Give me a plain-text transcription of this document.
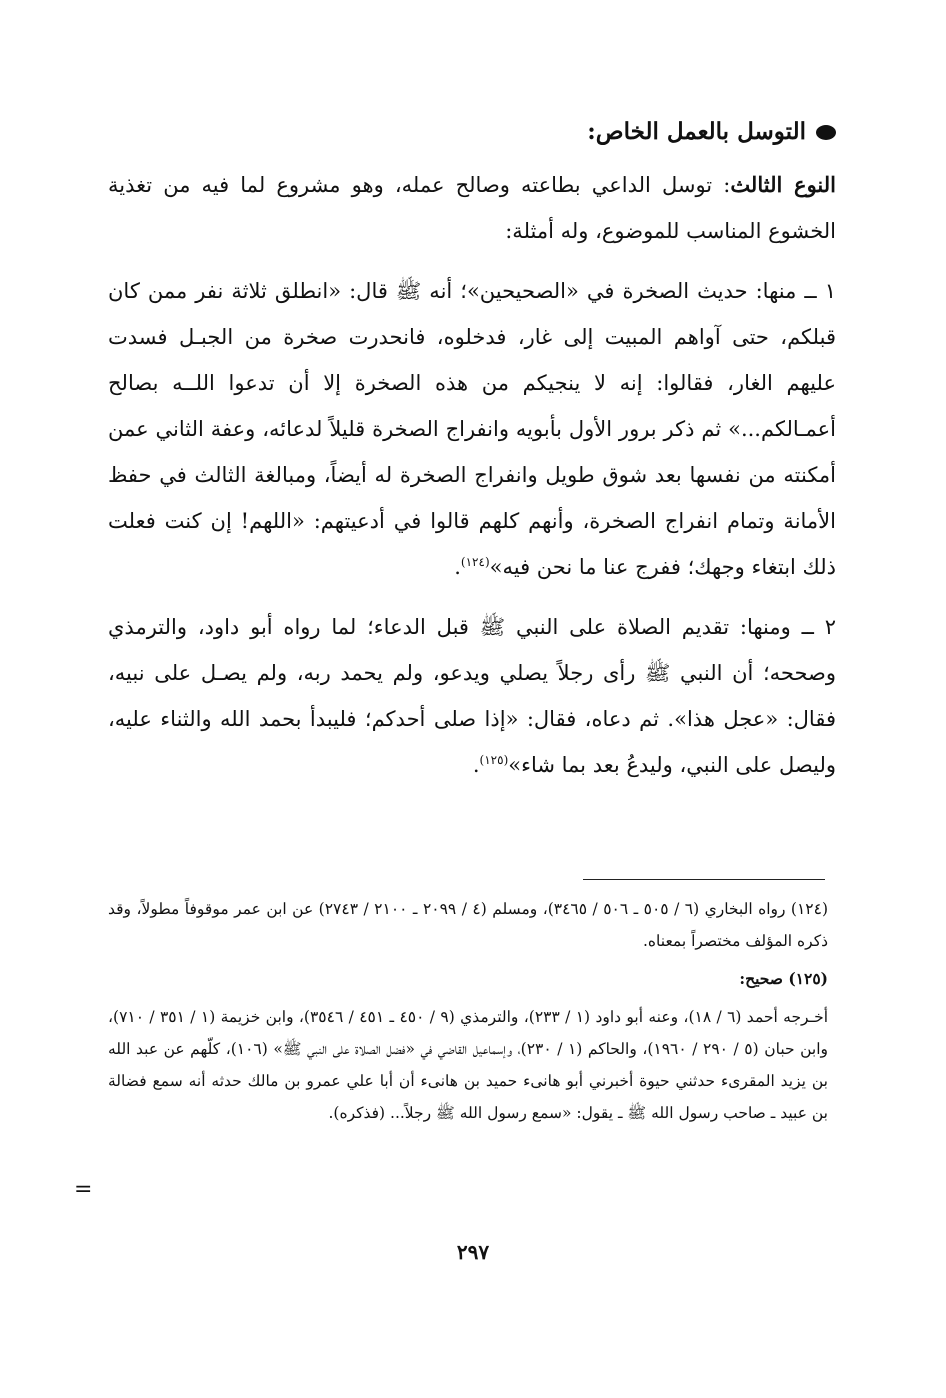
التوسل بالعمل الخاص:

النوع الثالث: توسل الداعي بطاعته وصالح عمله، وهو مشروع لما فيه من تغذية الخشوع المناسب للموضوع، وله أمثلة:

١ ــ منها: حديث الصخرة في «الصحيحين»؛ أنه ﷺ قال: «انطلق ثلاثة نفر ممن كان قبلكم، حتى آواهم المبيت إلى غار، فدخلوه، فانحدرت صخرة من الجبـل فسدت عليهم الغار، فقالوا: إنه لا ينجيكم من هذه الصخرة إلا أن تدعوا اللــه بصالح أعمـالكم...» ثم ذكر برور الأول بأبويه وانفراج الصخرة قليلاً لدعائه، وعفة الثاني عمن أمكنته من نفسها بعد شوق طويل وانفراج الصخرة له أيضاً، ومبالغة الثالث في حفظ الأمانة وتمام انفراج الصخرة، وأنهم كلهم قالوا في أدعيتهم: «اللهم! إن كنت فعلت ذلك ابتغاء وجهك؛ ففرج عنا ما نحن فيه»$^{(١٢٤)}$.

٢ ــ ومنها: تقديم الصلاة على النبي ﷺ قبل الدعاء؛ لما رواه أبو داود، والترمذي وصححه؛ أن النبي ﷺ رأى رجلاً يصلي ويدعو، ولم يحمد ربه، ولم يصـل على نبيه، فقال: «عجل هذا». ثم دعاه، فقال: «إذا صلى أحدكم؛ فليبدأ بحمد الله والثناء عليه، وليصل على النبي، وليدعُ بعد بما شاء»$^{(١٢٥)}$.

(١٢٤) رواه البخاري (٦ / ٥٠٥ ـ ٥٠٦ / ٣٤٦٥)، ومسلم (٤ / ٢٠٩٩ ـ ٢١٠٠ / ٢٧٤٣) عن ابن عمر موقوفاً مطولاً، وقد ذكره المؤلف مختصراً بمعناه.

(١٢٥) صحيح:

أخـرجه أحمد (٦ / ١٨)، وعنه أبو داود (١ / ٢٣٣)، والترمذي (٩ / ٤٥٠ ـ ٤٥١ / ٣٥٤٦)، وابن خزيمة (١ / ٣٥١ / ٧١٠)، وابن حبان (٥ / ٢٩٠ / ١٩٦٠)، والحاكم (١ / ٢٣٠)، وإسماعيل القاضي في «فضل الصلاة على النبي ﷺ» (١٠٦)، كلّهم عن عبد الله بن يزيد المقرىء حدثني حيوة أخبرني أبو هانىء حميد بن هانىء أن أبا علي عمرو بن مالك حدثه أنه سمع فضالة بن عبيد ـ صاحب رسول الله ﷺ ـ يقول: «سمع رسول الله ﷺ رجلاً... (فذكره).

=
٢٩٧
